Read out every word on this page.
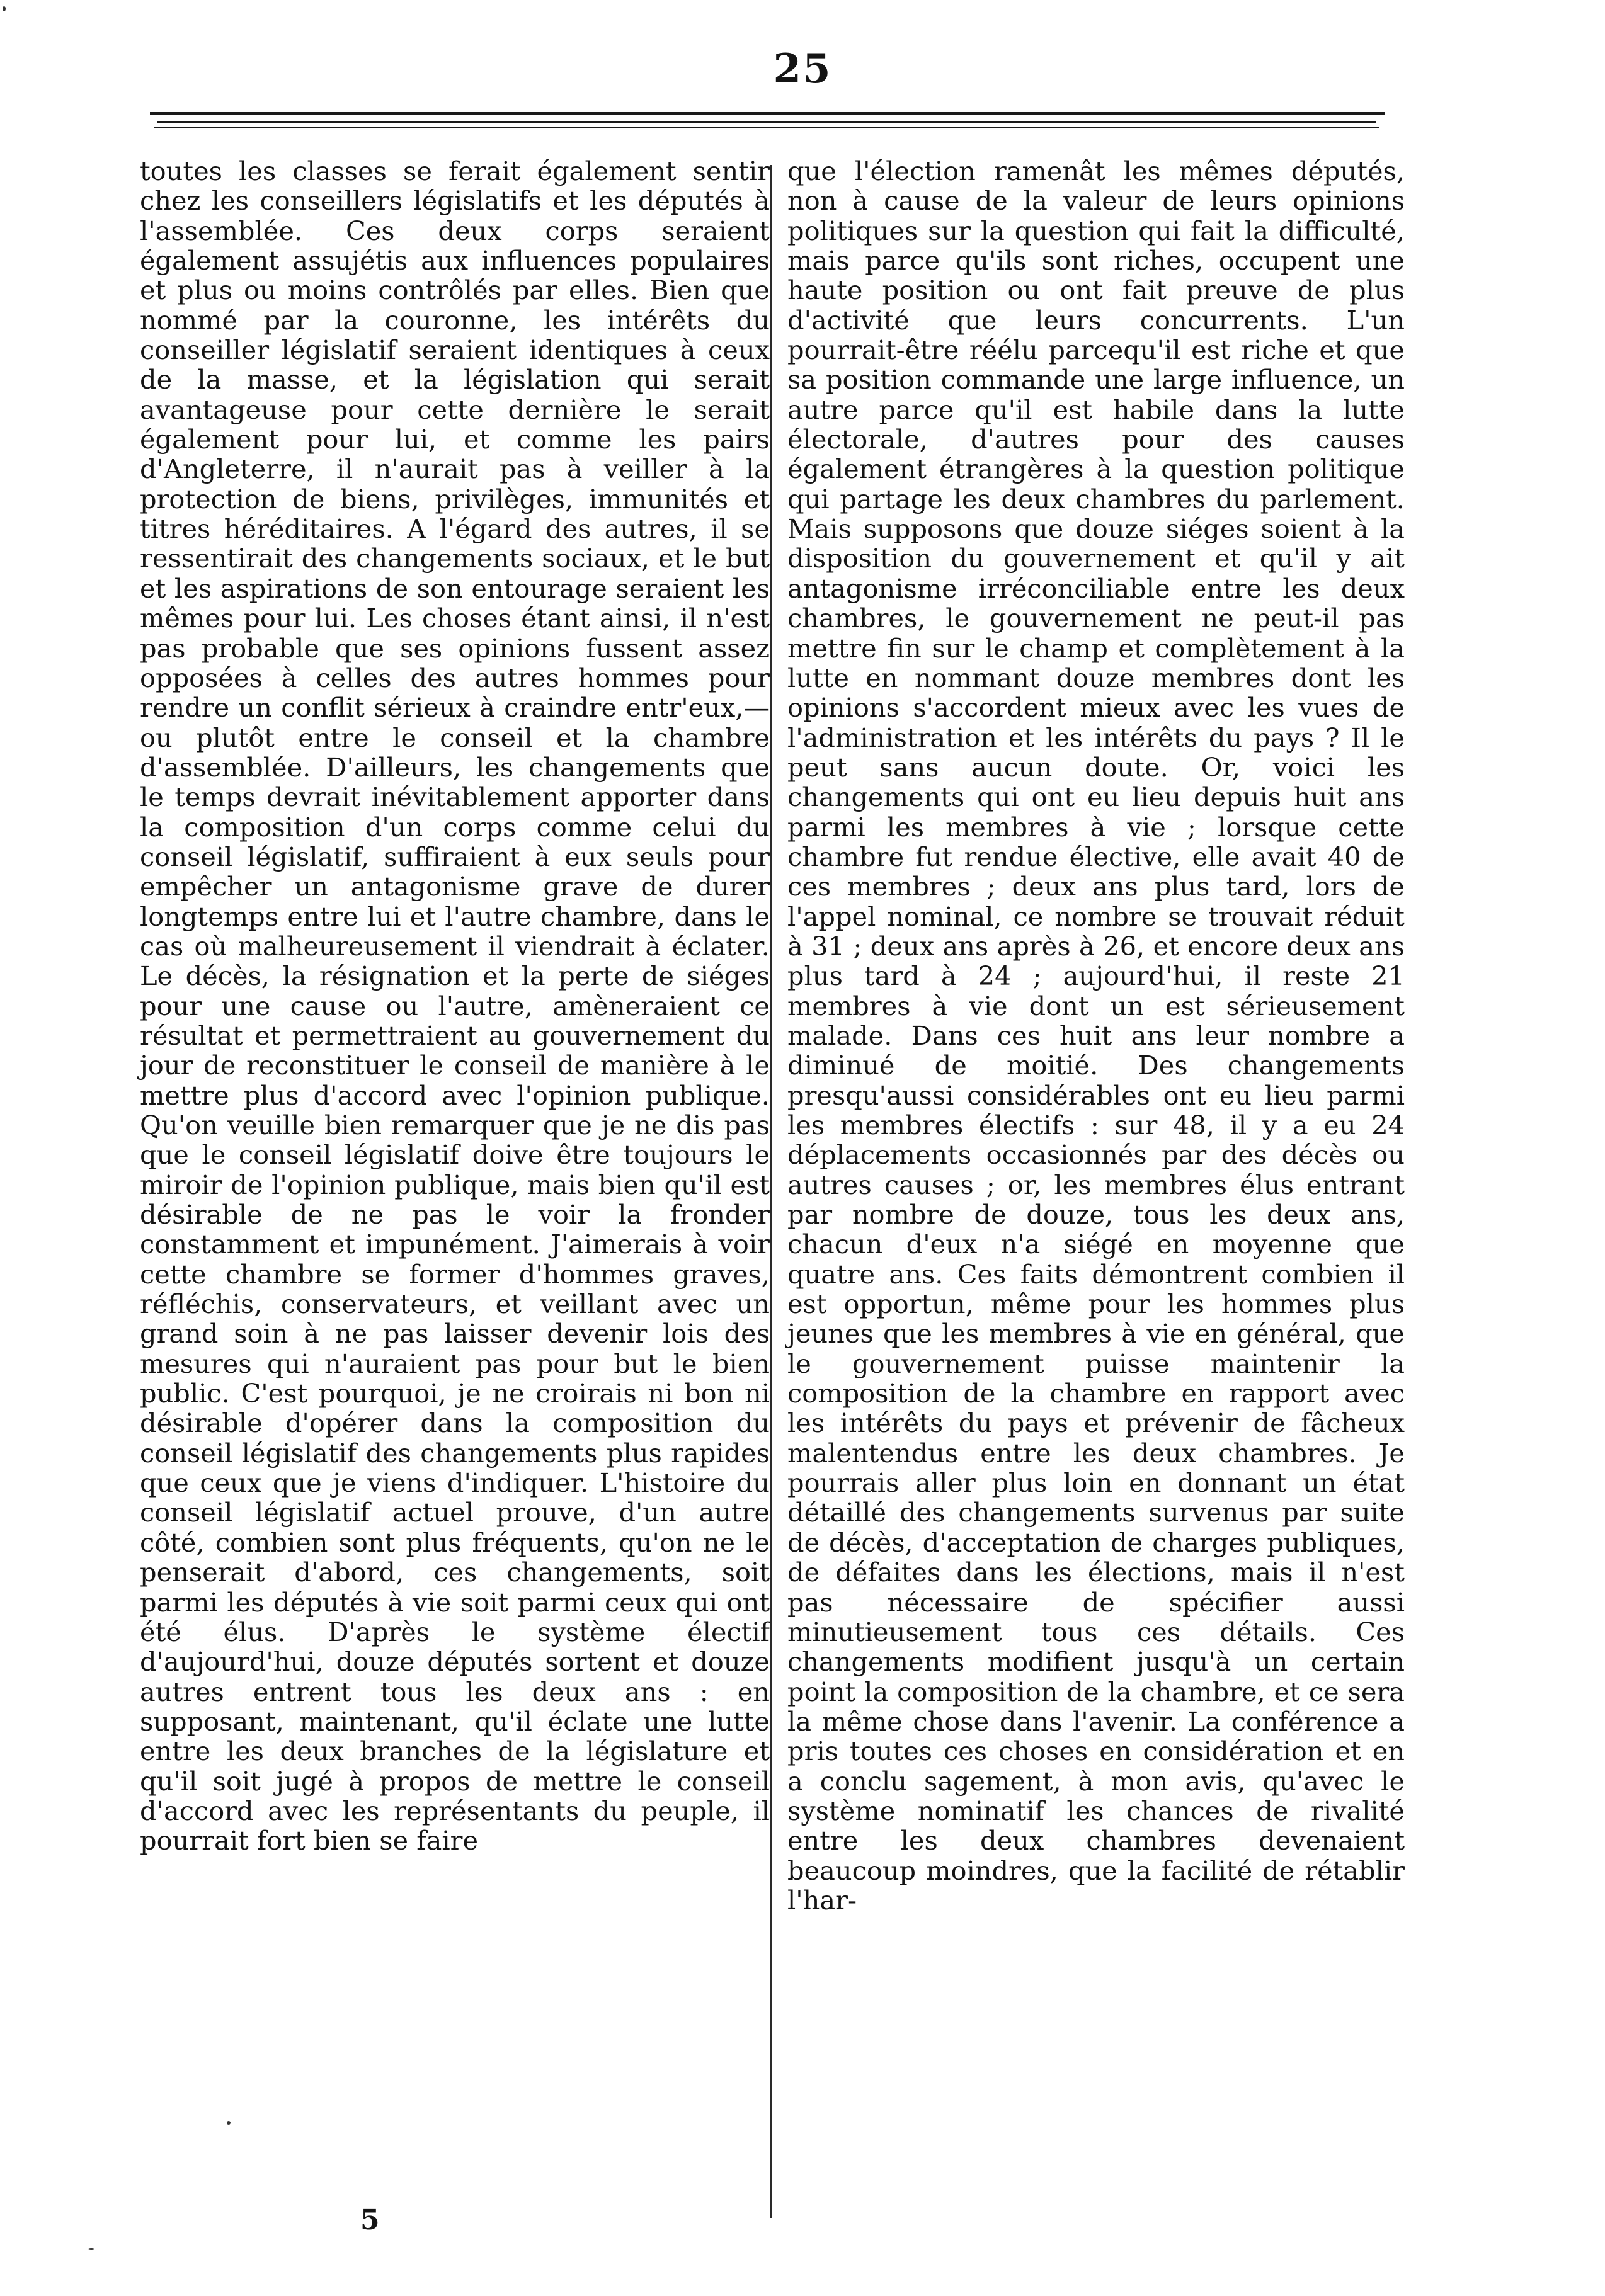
25

toutes les classes se ferait également sentir chez les conseillers législatifs et les députés à l'assemblée. Ces deux corps seraient également assujétis aux influences populaires et plus ou moins contrôlés par elles. Bien que nommé par la couronne, les intérêts du conseiller législatif seraient identiques à ceux de la masse, et la législation qui serait avantageuse pour cette dernière le serait également pour lui, et comme les pairs d'Angleterre, il n'aurait pas à veiller à la protection de biens, privilèges, immunités et titres héréditaires. A l'égard des autres, il se ressentirait des changements sociaux, et le but et les aspirations de son entourage seraient les mêmes pour lui. Les choses étant ainsi, il n'est pas probable que ses opinions fussent assez opposées à celles des autres hommes pour rendre un conflit sérieux à craindre entr'eux,—ou plutôt entre le conseil et la chambre d'assemblée. D'ailleurs, les changements que le temps devrait inévitablement apporter dans la composition d'un corps comme celui du conseil législatif, suffiraient à eux seuls pour empêcher un antagonisme grave de durer longtemps entre lui et l'autre chambre, dans le cas où malheureusement il viendrait à éclater. Le décès, la résignation et la perte de siéges pour une cause ou l'autre, amèneraient ce résultat et permettraient au gouvernement du jour de reconstituer le conseil de manière à le mettre plus d'accord avec l'opinion publique. Qu'on veuille bien remarquer que je ne dis pas que le conseil législatif doive être toujours le miroir de l'opinion publique, mais bien qu'il est désirable de ne pas le voir la fronder constamment et impunément. J'aimerais à voir cette chambre se former d'hommes graves, réfléchis, conservateurs, et veillant avec un grand soin à ne pas laisser devenir lois des mesures qui n'auraient pas pour but le bien public. C'est pourquoi, je ne croirais ni bon ni désirable d'opérer dans la composition du conseil législatif des changements plus rapides que ceux que je viens d'indiquer. L'histoire du conseil législatif actuel prouve, d'un autre côté, combien sont plus fréquents, qu'on ne le penserait d'abord, ces changements, soit parmi les députés à vie soit parmi ceux qui ont été élus. D'après le système électif d'aujourd'hui, douze députés sortent et douze autres entrent tous les deux ans : en supposant, maintenant, qu'il éclate une lutte entre les deux branches de la législature et qu'il soit jugé à propos de mettre le conseil d'accord avec les représentants du peuple, il pourrait fort bien se faire

que l'élection ramenât les mêmes députés, non à cause de la valeur de leurs opinions politiques sur la question qui fait la difficulté, mais parce qu'ils sont riches, occupent une haute position ou ont fait preuve de plus d'activité que leurs concurrents. L'un pourrait-être réélu parcequ'il est riche et que sa position commande une large influence, un autre parce qu'il est habile dans la lutte électorale, d'autres pour des causes également étrangères à la question politique qui partage les deux chambres du parlement. Mais supposons que douze siéges soient à la disposition du gouvernement et qu'il y ait antagonisme irréconciliable entre les deux chambres, le gouvernement ne peut-il pas mettre fin sur le champ et complètement à la lutte en nommant douze membres dont les opinions s'accordent mieux avec les vues de l'administration et les intérêts du pays ? Il le peut sans aucun doute. Or, voici les changements qui ont eu lieu depuis huit ans parmi les membres à vie ; lorsque cette chambre fut rendue élective, elle avait 40 de ces membres ; deux ans plus tard, lors de l'appel nominal, ce nombre se trouvait réduit à 31 ; deux ans après à 26, et encore deux ans plus tard à 24 ; aujourd'hui, il reste 21 membres à vie dont un est sérieusement malade. Dans ces huit ans leur nombre a diminué de moitié. Des changements presqu'aussi considérables ont eu lieu parmi les membres électifs : sur 48, il y a eu 24 déplacements occasionnés par des décès ou autres causes ; or, les membres élus entrant par nombre de douze, tous les deux ans, chacun d'eux n'a siégé en moyenne que quatre ans. Ces faits démontrent combien il est opportun, même pour les hommes plus jeunes que les membres à vie en général, que le gouvernement puisse maintenir la composition de la chambre en rapport avec les intérêts du pays et prévenir de fâcheux malentendus entre les deux chambres. Je pourrais aller plus loin en donnant un état détaillé des changements survenus par suite de décès, d'acceptation de charges publiques, de défaites dans les élections, mais il n'est pas nécessaire de spécifier aussi minutieusement tous ces détails. Ces changements modifient jusqu'à un certain point la composition de la chambre, et ce sera la même chose dans l'avenir. La conférence a pris toutes ces choses en considération et en a conclu sagement, à mon avis, qu'avec le système nominatif les chances de rivalité entre les deux chambres devenaient beaucoup moindres, que la facilité de rétablir l'har-

5
